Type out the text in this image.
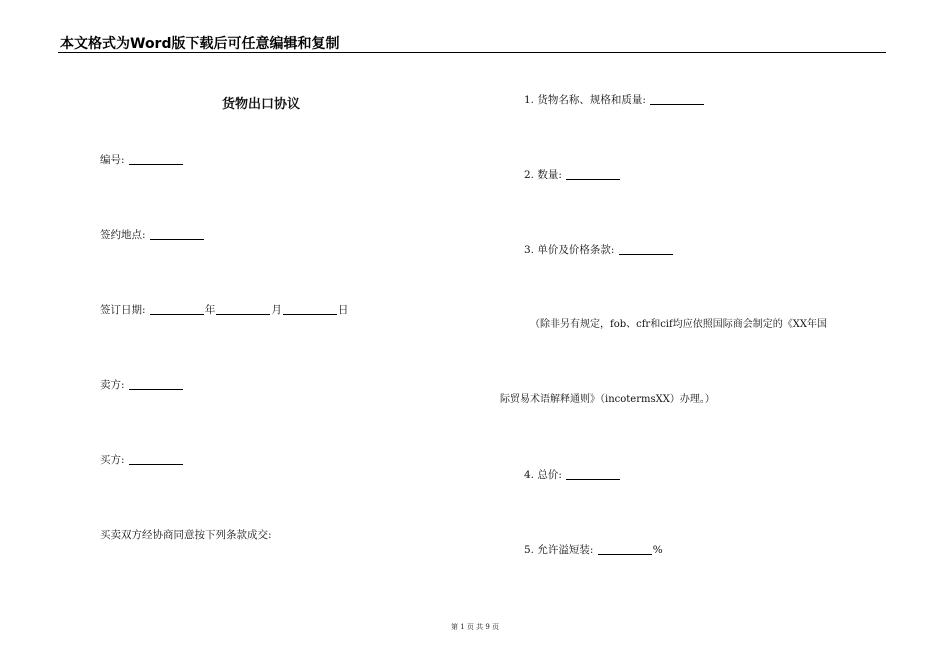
本文格式为Word版下载后可任意编辑和复制
货物出口协议
编号:
签约地点:
签订日期:	年	月	日
卖方:
买方:
买卖双方经协商同意按下列条款成交:
1. 货物名称、规格和质量:
2. 数量:
3. 单价及价格条款:
（除非另有规定，fob、cfr和cif均应依照国际商会制定的《XX年国
际贸易术语解释通则》（incotermsXX）办理。）
4. 总价:
5. 允许溢短装:	%
第 1 页 共 9 页
